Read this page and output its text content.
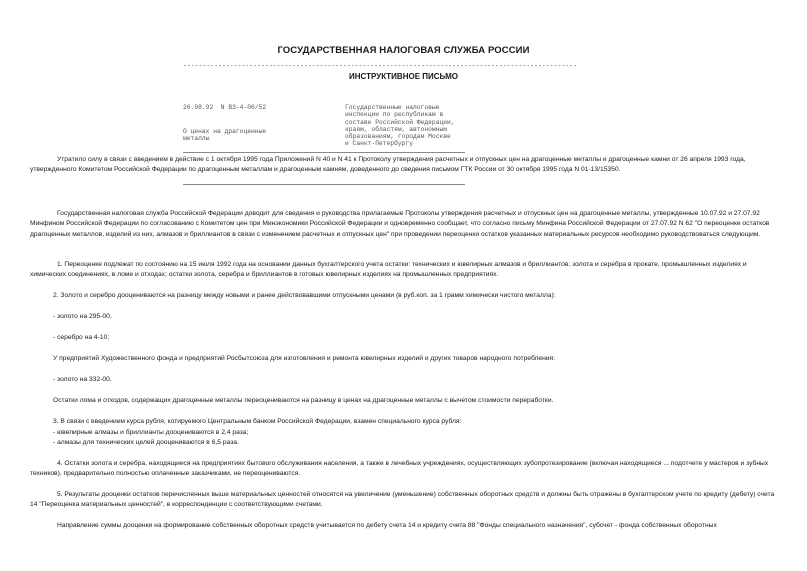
ГОСУДАРСТВЕННАЯ НАЛОГОВАЯ СЛУЖБА РОССИИ
-----------------------------------------------------------------------------------------------------
ИНСТРУКТИВНОЕ ПИСЬМО
26.08.92  N ВЗ-4-06/52
О ценах на драгоценные
металлы
Государственные налоговые
инспекции по республикам в
составе Российской Федерации,
краям, областям, автономным
образованиям, городам Москве
и Санкт-Петербургу
Утратило силу в связи с введением в действие с 1 октября 1995 года Приложений N 40 и N 41 к Протоколу утверждения расчетных и отпускных цен на драгоценные металлы и драгоценные камни от 26 апреля 1993 года, утвержденного Комитетом Российской Федерации по драгоценным металлам и драгоценным камням, доведенного до сведения письмом ГТК России от 30 октября 1995 года N 01-13/15350.
Государственная налоговая служба Российской Федерации доводит для сведения и руководства прилагаемые Протоколы утверждения расчетных и отпускных цен на драгоценные металлы, утвержденные 10.07.92 и 27.07.92 Минфином Российской Федерации по согласованию с Комитетом цен при Минэкономики Российской Федерации и одновременно сообщает, что согласно письму Минфина Российской Федерации от 27.07.92 N 62 "О переоценке остатков драгоценных металлов, изделий из них, алмазов и бриллиантов в связи с изменением расчетных и отпускных цен" при проведении переоценки остатков указанных материальных ресурсов необходимо руководствоваться следующим.
1. Переоценке подлежат по состоянию на 15 июля 1992 года на основании данных бухгалтерского учета остатки: технических и ювелирных алмазов и бриллиантов; золота и серебра в прокате, промышленных изделиях и химических соединениях, в ломе и отходах; остатки золота, серебра и бриллиантов в готовых ювелирных изделиях на промышленных предприятиях.
2. Золото и серебро дооцениваются на разницу между новыми и ранее действовавшими отпускными ценами (в руб.коп. за 1 грамм химически чистого металла):
- золото на 295-00,
- серебро на 4-10;
У предприятий Художественного фонда и предприятий Росбытсоюза для изготовления и ремонта ювелирных изделий и других товаров народного потребления:
- золото на 332-00.
Остатки лома и отходов, содержащих драгоценные металлы переоцениваются на разницу в ценах на драгоценные металлы с вычетом стоимости переработки.
3. В связи с введением курса рубля, котируемого Центральным банком Российской Федерации, взамен специального курса рубля:
- ювелирные алмазы и бриллианты дооцениваются в 2,4 раза;
- алмазы для технических целей дооцениваются в 6,5 раза.
4. Остатки золота и серебра, находящиеся на предприятиях бытового обслуживания населения, а также в лечебных учреждениях, осуществляющих зубопротезирование (включая находящиеся ... подотчете у мастеров и зубных техников), предварительно полностью оплаченные заказчиками, не переоцениваются.
5. Результаты дооценки остатков перечисленных выше материальных ценностей относятся на увеличение (уменьшение) собственных оборотных средств и должны быть отражены в бухгалтерском учете по кредиту (дебету) счета 14 "Переоценка материальных ценностей", в корреспонденции с соответствующими счетами.
Направление суммы дооценки на формирование собственных оборотных средств учитывается по дебету счета 14 и кредиту счета 88 "Фонды специального назначения", субсчет - фонда собственных оборотных
